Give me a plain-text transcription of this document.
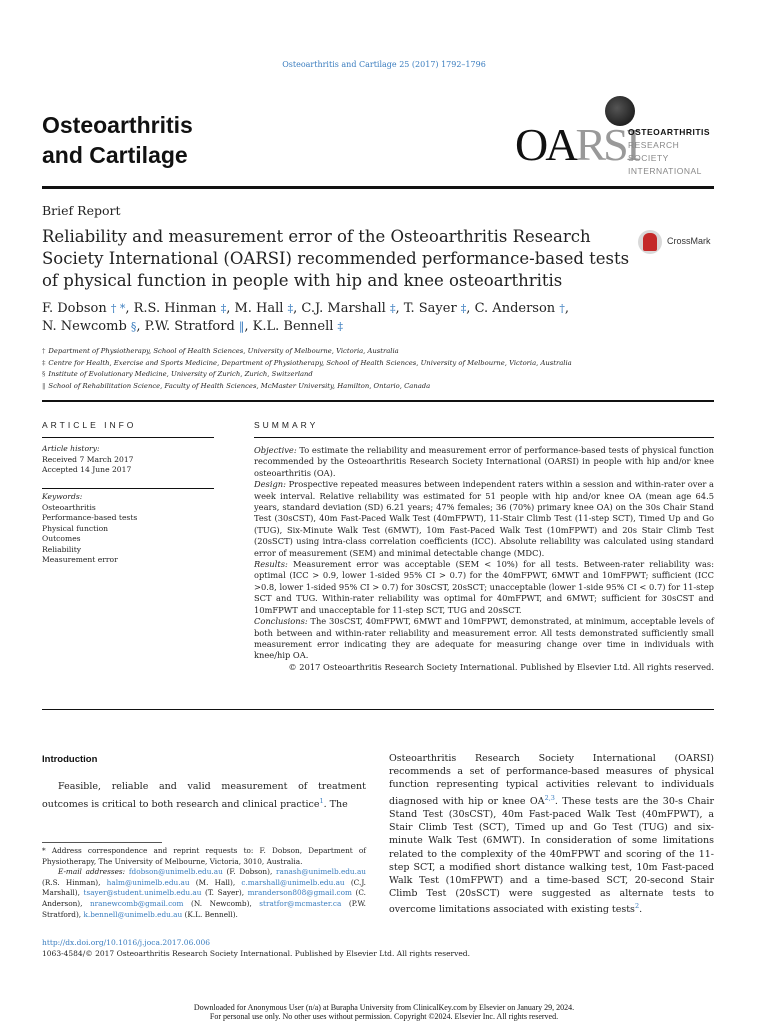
Osteoarthritis and Cartilage 25 (2017) 1792–1796
Osteoarthritis
and Cartilage	OARSI
OSTEOARTHRITIS
RESEARCH SOCIETY
INTERNATIONAL
Brief Report
Reliability and measurement error of the Osteoarthritis Research Society International (OARSI) recommended performance-based tests of physical function in people with hip and knee osteoarthritis
CrossMark
F. Dobson † *, R.S. Hinman ‡, M. Hall ‡, C.J. Marshall ‡, T. Sayer ‡, C. Anderson †,
N. Newcomb §, P.W. Stratford ‖, K.L. Bennell ‡
† Department of Physiotherapy, School of Health Sciences, University of Melbourne, Victoria, Australia
‡ Centre for Health, Exercise and Sports Medicine, Department of Physiotherapy, School of Health Sciences, University of Melbourne, Victoria, Australia
§ Institute of Evolutionary Medicine, University of Zurich, Zurich, Switzerland
‖ School of Rehabilitation Science, Faculty of Health Sciences, McMaster University, Hamilton, Ontario, Canada
ARTICLE INFO
Article history:
Received 7 March 2017
Accepted 14 June 2017
Keywords:
Osteoarthritis
Performance-based tests
Physical function
Outcomes
Reliability
Measurement error
SUMMARY

Objective: To estimate the reliability and measurement error of performance-based tests of physical function recommended by the Osteoarthritis Research Society International (OARSI) in people with hip and/or knee osteoarthritis (OA).

Design: Prospective repeated measures between independent raters within a session and within-rater over a week interval. Relative reliability was estimated for 51 people with hip and/or knee OA (mean age 64.5 years, standard deviation (SD) 6.21 years; 47% females; 36 (70%) primary knee OA) on the 30s Chair Stand Test (30sCST), 40m Fast-Paced Walk Test (40mFPWT), 11-Stair Climb Test (11-step SCT), Timed Up and Go (TUG), Six-Minute Walk Test (6MWT), 10m Fast-Paced Walk Test (10mFPWT) and 20s Stair Climb Test (20sSCT) using intra-class correlation coefficients (ICC). Absolute reliability was calculated using standard error of measurement (SEM) and minimal detectable change (MDC).

Results: Measurement error was acceptable (SEM < 10%) for all tests. Between-rater reliability was: optimal (ICC > 0.9, lower 1-sided 95% CI > 0.7) for the 40mFPWT, 6MWT and 10mFPWT; sufficient (ICC >0.8, lower 1-sided 95% CI > 0.7) for 30sCST, 20sSCT; unacceptable (lower 1-side 95% CI < 0.7) for 11-step SCT and TUG. Within-rater reliability was optimal for 40mFPWT, and 6MWT; sufficient for 30sCST and 10mFPWT and unacceptable for 11-step SCT, TUG and 20sSCT.

Conclusions: The 30sCST, 40mFPWT, 6MWT and 10mFPWT, demonstrated, at minimum, acceptable levels of both between and within-rater reliability and measurement error. All tests demonstrated sufficiently small measurement error indicating they are adequate for measuring change over time in individuals with knee/hip OA.

© 2017 Osteoarthritis Research Society International. Published by Elsevier Ltd. All rights reserved.

Introduction

Feasible, reliable and valid measurement of treatment outcomes is critical to both research and clinical practice$^1$. The

Osteoarthritis Research Society International (OARSI) recommends a set of performance-based measures of physical function representing typical activities relevant to individuals diagnosed with hip or knee OA$^{2,3}$. These tests are the 30-s Chair Stand Test (30sCST), 40m Fast-paced Walk Test (40mFPWT), a Stair Climb Test (SCT), Timed up and Go Test (TUG) and six-minute Walk Test (6MWT). In consideration of some limitations related to the complexity of the 40mFPWT and scoring of the 11-step SCT, a modified short distance walking test, 10m Fast-paced Walk Test (10mFPWT) and a time-based SCT, 20-second Stair Climb Test (20sSCT) were suggested as alternate tests to overcome limitations associated with existing tests$^2$.

* Address correspondence and reprint requests to: F. Dobson, Department of Physiotherapy, The University of Melbourne, Victoria, 3010, Australia.

E-mail addresses: fdobson@unimelb.edu.au (F. Dobson), ranash@unimelb.edu.au (R.S. Hinman), halm@unimelb.edu.au (M. Hall), c.marshall@unimelb.edu.au (C.J. Marshall), tsayer@student.unimelb.edu.au (T. Sayer), mranderson808@gmail.com (C. Anderson), nranewcomb@gmail.com (N. Newcomb), stratfor@mcmaster.ca (P.W. Stratford), k.bennell@unimelb.edu.au (K.L. Bennell).

http://dx.doi.org/10.1016/j.joca.2017.06.006
1063-4584/© 2017 Osteoarthritis Research Society International. Published by Elsevier Ltd. All rights reserved.
Downloaded for Anonymous User (n/a) at Burapha University from ClinicalKey.com by Elsevier on January 29, 2024.
For personal use only. No other uses without permission. Copyright ©2024. Elsevier Inc. All rights reserved.
